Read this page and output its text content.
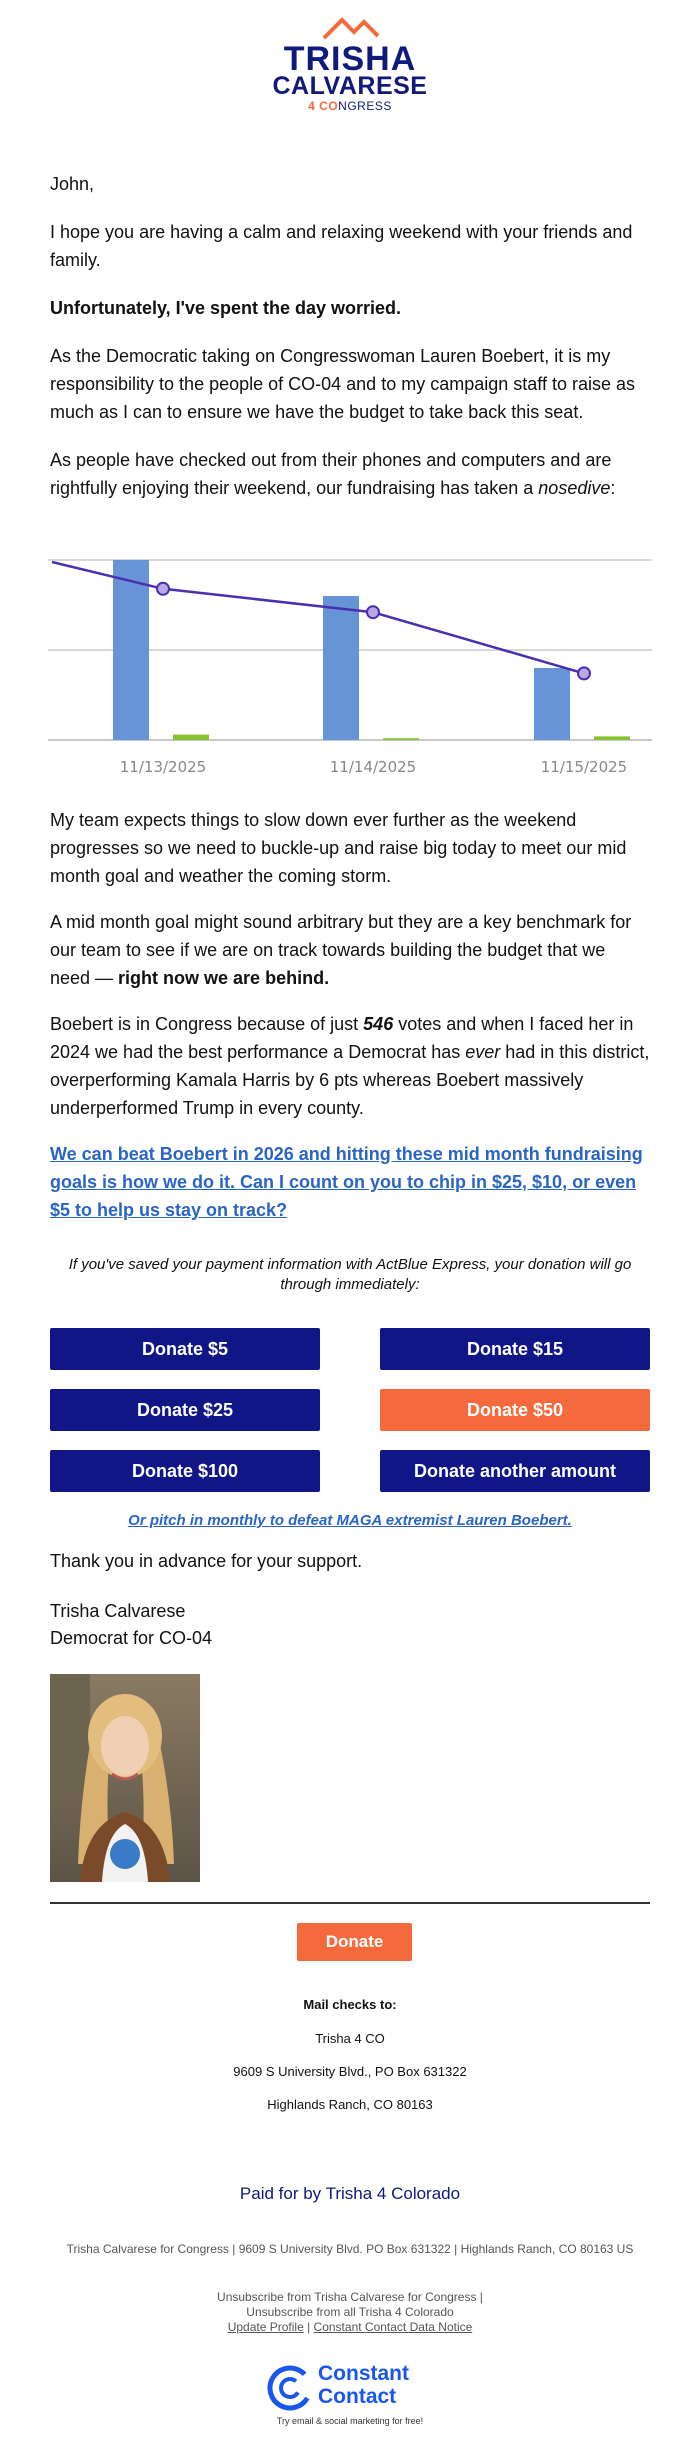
TRISHA
CALVARESE
4 CONGRESS

John,

I hope you are having a calm and relaxing weekend with your friends and family.

Unfortunately, I've spent the day worried.

As the Democratic taking on Congresswoman Lauren Boebert, it is my responsibility to the people of CO-04 and to my campaign staff to raise as much as I can to ensure we have the budget to take back this seat.

As people have checked out from their phones and computers and are rightfully enjoying their weekend, our fundraising has taken a nosedive:

11/13/2025	11/14/2025	11/15/2025

My team expects things to slow down ever further as the weekend progresses so we need to buckle-up and raise big today to meet our mid month goal and weather the coming storm.

A mid month goal might sound arbitrary but they are a key benchmark for our team to see if we are on track towards building the budget that we need — right now we are behind.

Boebert is in Congress because of just 546 votes and when I faced her in 2024 we had the best performance a Democrat has ever had in this district, overperforming Kamala Harris by 6 pts whereas Boebert massively underperformed Trump in every county.

We can beat Boebert in 2026 and hitting these mid month fundraising goals is how we do it. Can I count on you to chip in $25, $10, or even $5 to help us stay on track?

If you've saved your payment information with ActBlue Express, your donation will go through immediately:
Donate $5	Donate $15
Donate $25	Donate $50
Donate $100	Donate another amount
Or pitch in monthly to defeat MAGA extremist Lauren Boebert.

Thank you in advance for your support.

Trisha Calvarese

Democrat for CO-04

Donate
Mail checks to:
Trisha 4 CO
9609 S University Blvd., PO Box 631322
Highlands Ranch, CO 80163
Paid for by Trisha 4 Colorado
Trisha Calvarese for Congress | 9609 S University Blvd. PO Box 631322 | Highlands Ranch, CO 80163 US
Unsubscribe from Trisha Calvarese for Congress |
Unsubscribe from all Trisha 4 Colorado
Update Profile | Constant Contact Data Notice
Constant
Contact
Try email & social marketing for free!
